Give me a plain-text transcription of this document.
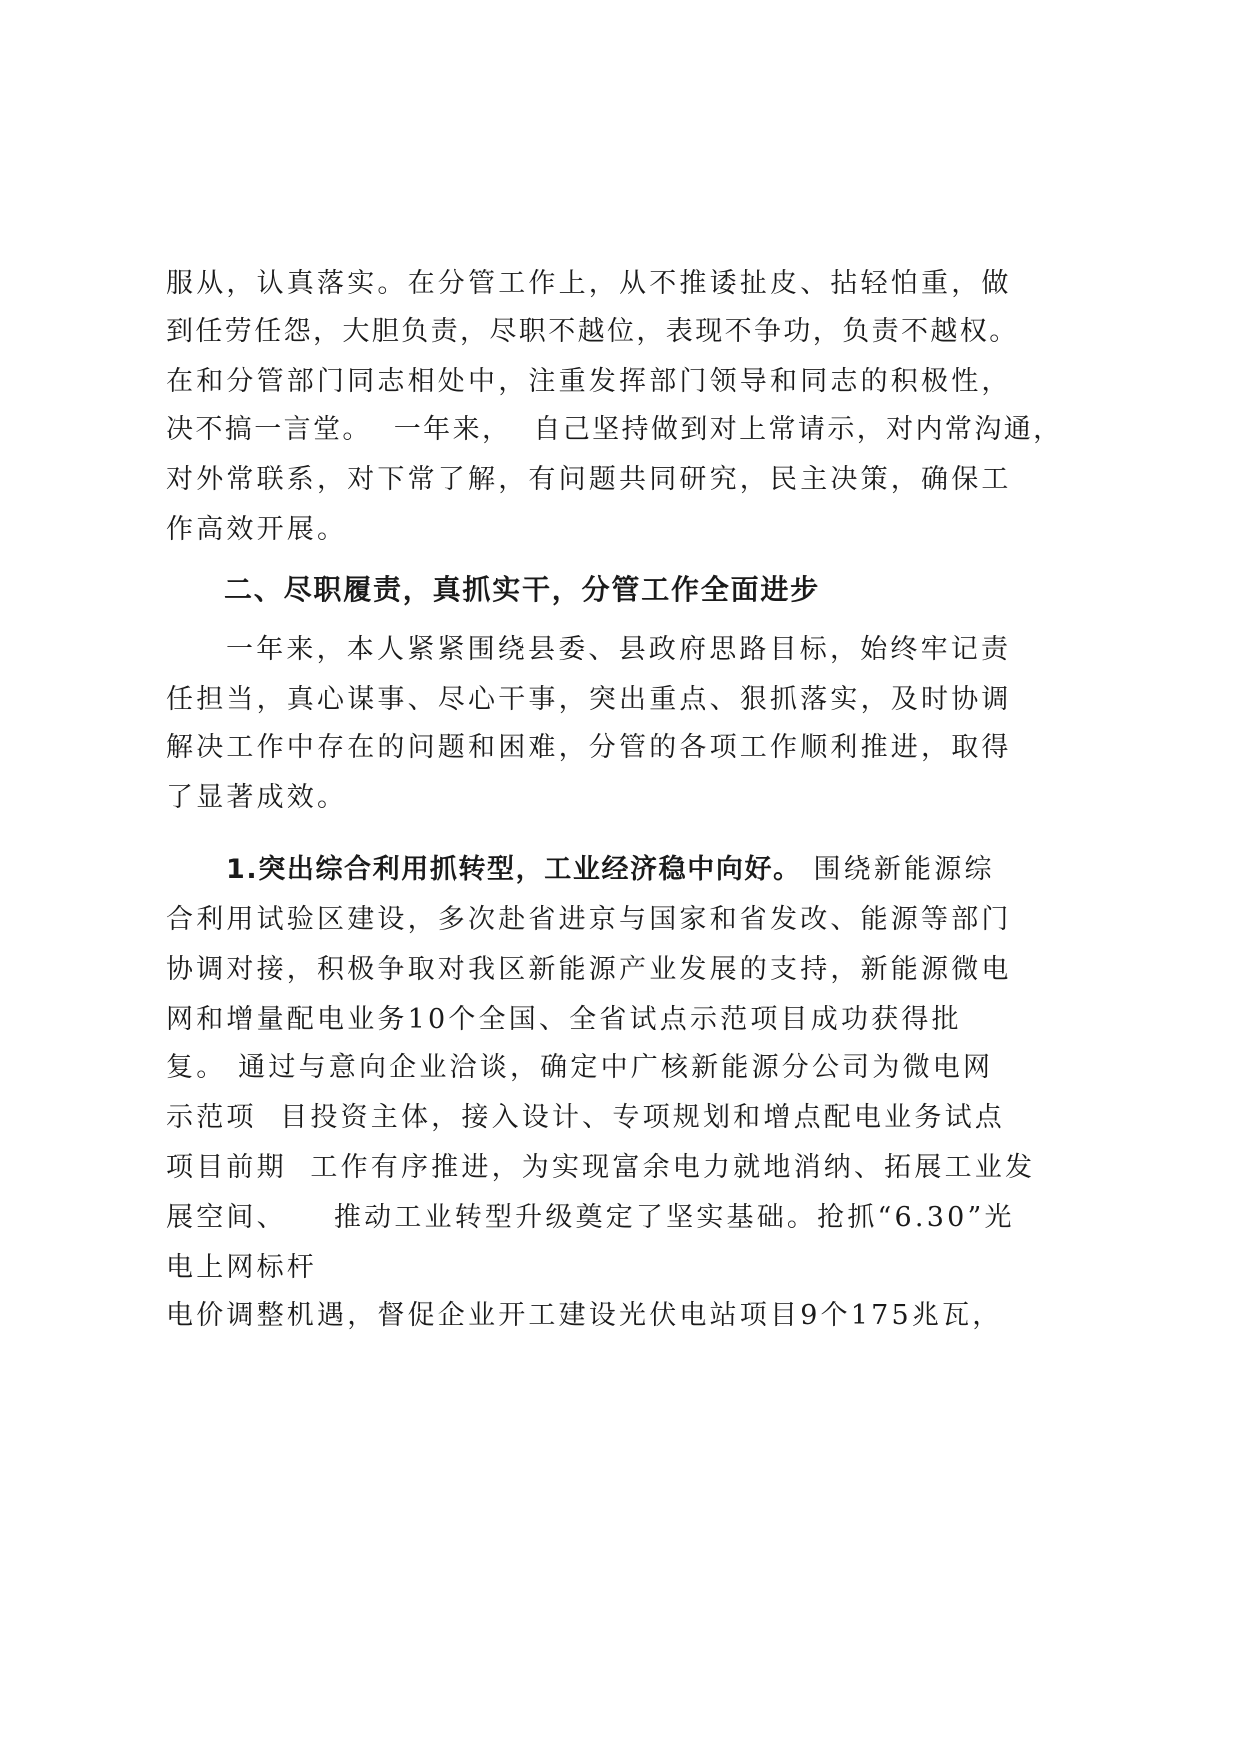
服从，认真落实。在分管工作上，从不推诿扯皮、拈轻怕重，做
到任劳任怨，大胆负责，尽职不越位，表现不争功，负责不越权。
在和分管部门同志相处中，注重发挥部门领导和同志的积极性，
决不搞一言堂。  一年来，  自己坚持做到对上常请示，对内常沟通，
对外常联系，对下常了解，有问题共同研究，民主决策，确保工
作高效开展。
二、尽职履责，真抓实干，分管工作全面进步
一年来，本人紧紧围绕县委、县政府思路目标，始终牢记责
任担当，真心谋事、尽心干事，突出重点、狠抓落实，及时协调
解决工作中存在的问题和困难，分管的各项工作顺利推进，取得
了显著成效。
1.突出综合利用抓转型，工业经济稳中向好。 围绕新能源综
合利用试验区建设，多次赴省进京与国家和省发改、能源等部门
协调对接，积极争取对我区新能源产业发展的支持，新能源微电
网和增量配电业务10个全国、全省试点示范项目成功获得批
复。 通过与意向企业洽谈，确定中广核新能源分公司为微电网
示范项  目投资主体，接入设计、专项规划和增点配电业务试点
项目前期  工作有序推进，为实现富余电力就地消纳、拓展工业发
展空间、    推动工业转型升级奠定了坚实基础。抢抓“6.30”光
电上网标杆
电价调整机遇，督促企业开工建设光伏电站项目9个175兆瓦，
